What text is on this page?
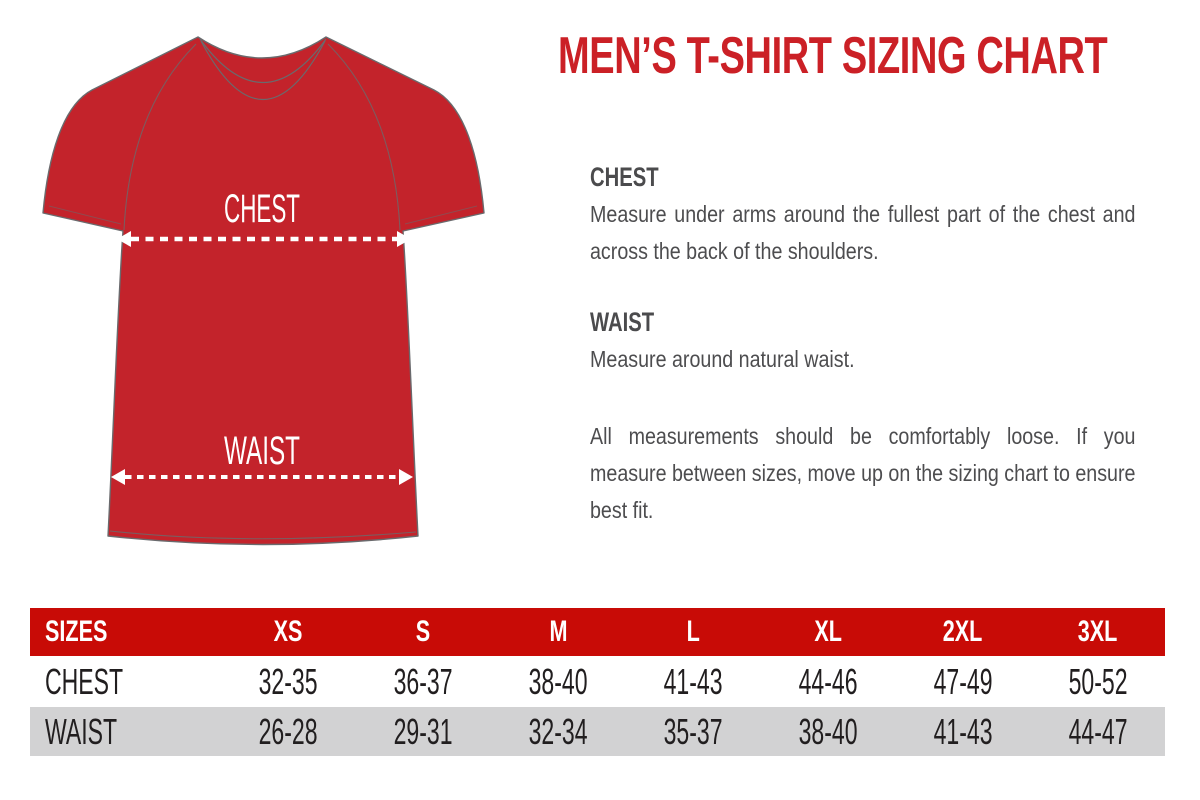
CHEST
WAIST
MEN’S T-SHIRT SIZING CHART
CHEST
Measure under arms around the fullest part of the chest and across the back of the shoulders.
WAIST
Measure around natural waist.
All measurements should be comfortably loose. If you measure between sizes, move up on the sizing chart to ensure best fit.
SIZES	XS	S	M	L	XL	2XL	3XL
CHEST	32-35 36-37 38-40 41-43 44-46 47-49 50-52
WAIST	26-28 29-31 32-34 35-37 38-40 41-43 44-47
